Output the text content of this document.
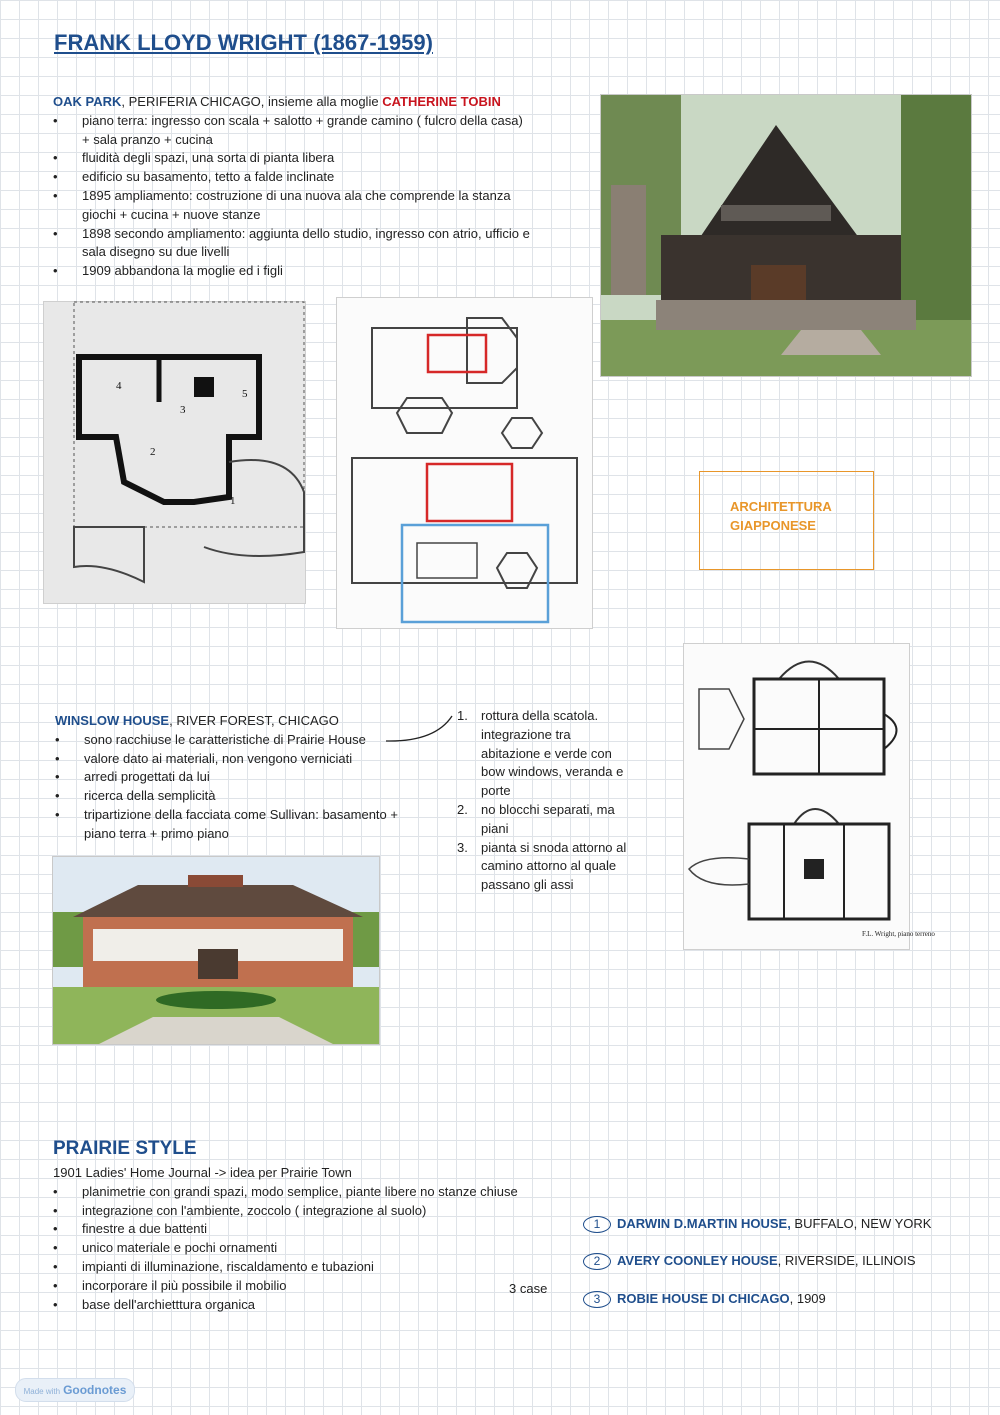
FRANK LLOYD WRIGHT (1867-1959)
OAK PARK, PERIFERIA CHICAGO, insieme alla moglie CATHERINE TOBIN
• piano terra: ingresso con scala + salotto + grande camino ( fulcro della casa) + sala pranzo + cucina
• fluidità degli spazi, una sorta di pianta libera
• edificio su basamento, tetto a falde inclinate
• 1895 ampliamento: costruzione di una nuova ala che comprende la stanza giochi + cucina + nuove stanze
• 1898 secondo ampliamento: aggiunta dello studio, ingresso con atrio, ufficio e sala disegno su due livelli
• 1909 abbandona la moglie ed i figli
4
5
3
2
1	ARCHITETTURA GIAPPONESE
WINSLOW HOUSE, RIVER FOREST, CHICAGO
• sono racchiuse le caratteristiche di Prairie House
• valore dato ai materiali, non vengono verniciati
• arredi progettati da lui
• ricerca della semplicità
• tripartizione della facciata come Sullivan: basamento + piano terra + primo piano
1. rottura della scatola. integrazione tra abitazione e verde con bow windows, veranda e porte
2. no blocchi separati, ma piani
3. pianta si snoda attorno al camino attorno al quale passano gli assi
F.L. Wright, piano terreno
PRAIRIE STYLE
1901 Ladies' Home Journal -> idea per Prairie Town
• planimetrie con grandi spazi, modo semplice, piante libere no stanze chiuse
• integrazione con l'ambiente, zoccolo ( integrazione al suolo)
• finestre a due battenti
• unico materiale e pochi ornamenti
• impianti di illuminazione, riscaldamento e tubazioni
• incorporare il più possibile il mobilio
• base dell'archietttura organica
3 case
1 DARWIN D.MARTIN HOUSE, BUFFALO, NEW YORK
2 AVERY COONLEY HOUSE, RIVERSIDE, ILLINOIS
3 ROBIE HOUSE DI CHICAGO, 1909
Made with Goodnotes
